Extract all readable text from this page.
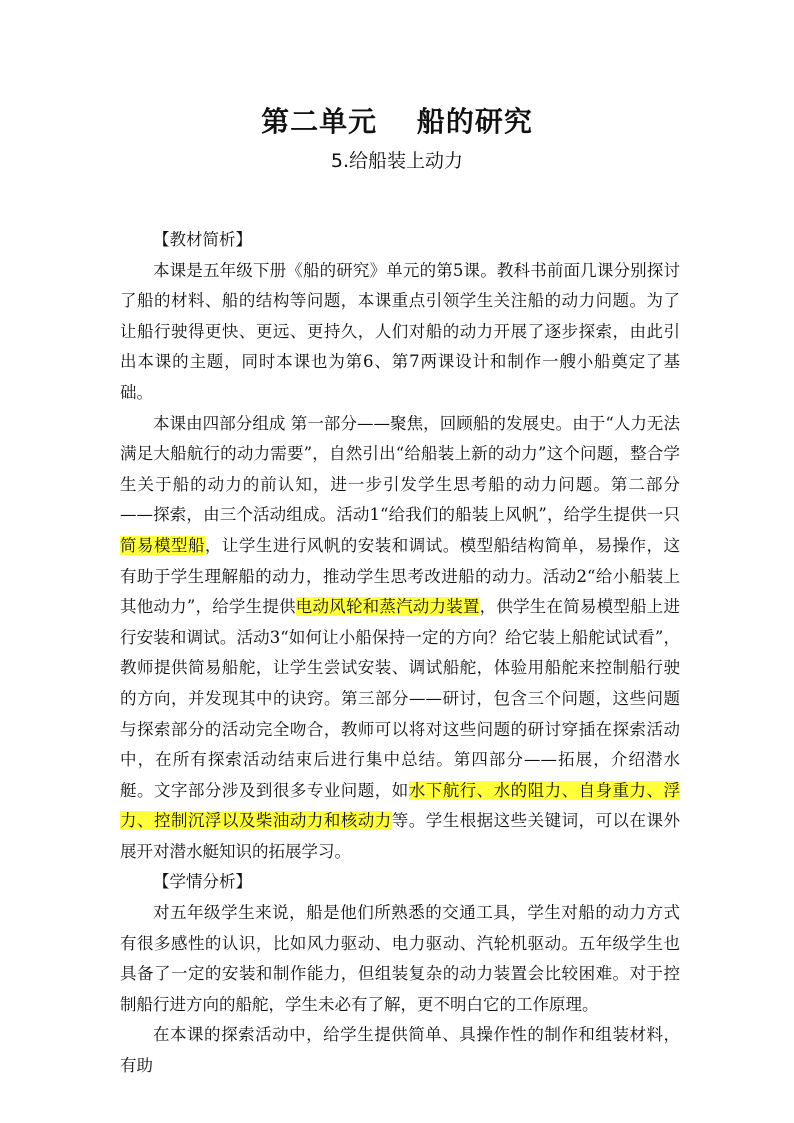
第二单元　 船的研究
5.给船装上动力

【教材简析】

本课是五年级下册《船的研究》单元的第5课。教科书前面几课分别探讨了船的材料、船的结构等问题，本课重点引领学生关注船的动力问题。为了让船行驶得更快、更远、更持久，人们对船的动力开展了逐步探索，由此引出本课的主题，同时本课也为第6、第7两课设计和制作一艘小船奠定了基础。

本课由四部分组成 第一部分——聚焦，回顾船的发展史。由于“人力无法满足大船航行的动力需要”，自然引出“给船装上新的动力”这个问题，整合学生关于船的动力的前认知，进一步引发学生思考船的动力问题。第二部分——探索，由三个活动组成。活动1“给我们的船装上风帆”，给学生提供一只简易模型船，让学生进行风帆的安装和调试。模型船结构简单，易操作，这有助于学生理解船的动力，推动学生思考改进船的动力。活动2“给小船装上其他动力”，给学生提供电动风轮和蒸汽动力装置，供学生在简易模型船上进行安装和调试。活动3“如何让小船保持一定的方向？给它装上船舵试试看”，教师提供简易船舵，让学生尝试安装、调试船舵，体验用船舵来控制船行驶的方向，并发现其中的诀窍。第三部分——研讨，包含三个问题，这些问题与探索部分的活动完全吻合，教师可以将对这些问题的研讨穿插在探索活动中，在所有探索活动结束后进行集中总结。第四部分——拓展，介绍潜水艇。文字部分涉及到很多专业问题，如水下航行、水的阻力、自身重力、浮力、控制沉浮以及柴油动力和核动力等。学生根据这些关键词，可以在课外展开对潜水艇知识的拓展学习。

【学情分析】

对五年级学生来说，船是他们所熟悉的交通工具，学生对船的动力方式有很多感性的认识，比如风力驱动、电力驱动、汽轮机驱动。五年级学生也具备了一定的安装和制作能力，但组装复杂的动力装置会比较困难。对于控制船行进方向的船舵，学生未必有了解，更不明白它的工作原理。

在本课的探索活动中，给学生提供简单、具操作性的制作和组装材料，有助
